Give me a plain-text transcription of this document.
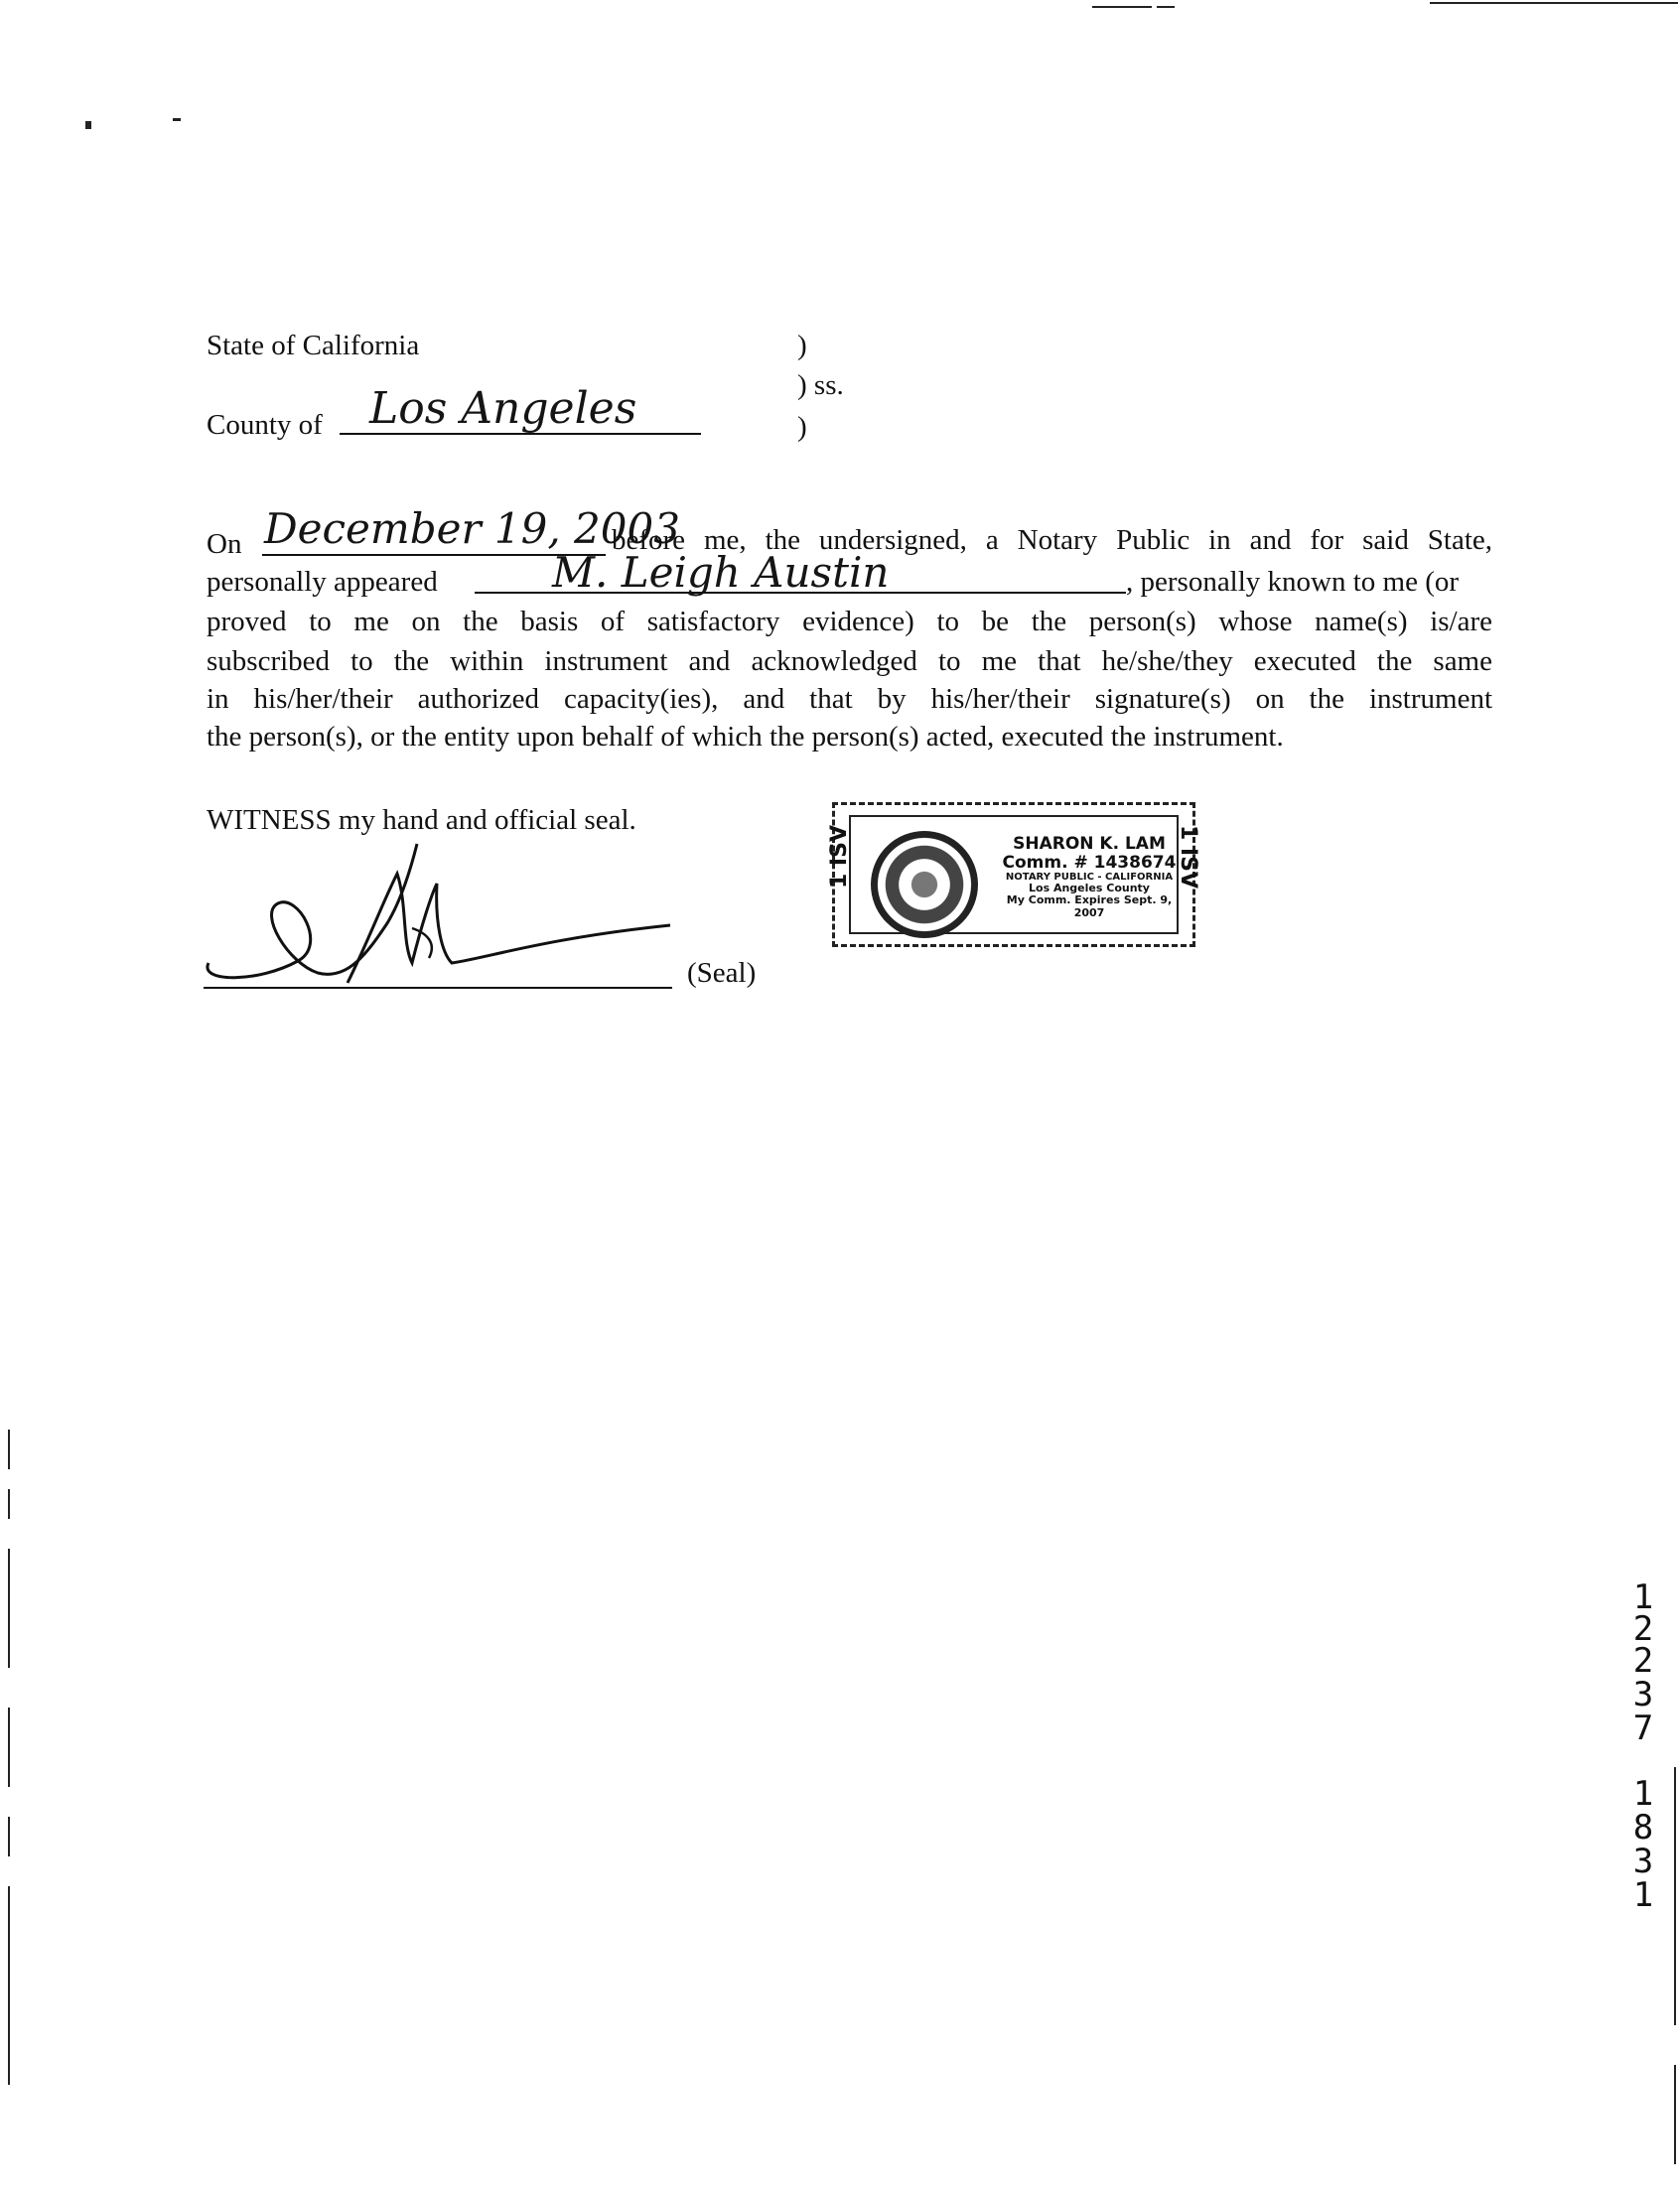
State of California
County of Los Angeles
)
) ss.
)
On December 19, 2003
before me, the undersigned, a Notary Public in and for said State,
personally appeared	M. Leigh Austin	, personally known to me (or
proved to me on the basis of satisfactory evidence) to be the person(s) whose name(s) is/are
subscribed to the within instrument and acknowledged to me that he/she/they executed the same
in his/her/their authorized capacity(ies), and that by his/her/their signature(s) on the instrument
the person(s), or the entity upon behalf of which the person(s) acted, executed the instrument.
WITNESS my hand and official seal.
(Seal)
1 ISV	1 ISV
SHARON K. LAM
Comm. # 1438674
NOTARY PUBLIC - CALIFORNIA
Los Angeles County
My Comm. Expires Sept. 9, 2007
1
2
2
3
7
1
8
3
1
